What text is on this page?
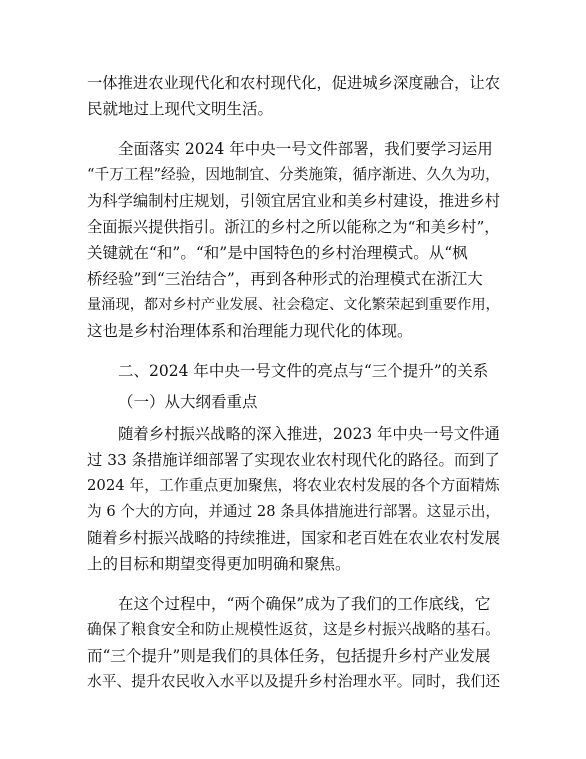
一体推进农业现代化和农村现代化，促进城乡深度融合，让农
民就地过上现代文明生活。
全面落实 2024 年中央一号文件部署，我们要学习运用
“千万工程”经验，因地制宜、分类施策，循序渐进、久久为功，
为科学编制村庄规划，引领宜居宜业和美乡村建设，推进乡村
全面振兴提供指引。浙江的乡村之所以能称之为“和美乡村”，
关键就在“和”。“和”是中国特色的乡村治理模式。从“枫
桥经验”到“三治结合”，再到各种形式的治理模式在浙江大
量涌现，都对乡村产业发展、社会稳定、文化繁荣起到重要作用，
这也是乡村治理体系和治理能力现代化的体现。
二、2024 年中央一号文件的亮点与“三个提升”的关系
（一）从大纲看重点
随着乡村振兴战略的深入推进，2023 年中央一号文件通
过 33 条措施详细部署了实现农业农村现代化的路径。而到了
2024 年，工作重点更加聚焦，将农业农村发展的各个方面精炼
为 6 个大的方向，并通过 28 条具体措施进行部署。这显示出，
随着乡村振兴战略的持续推进，国家和老百姓在农业农村发展
上的目标和期望变得更加明确和聚焦。
在这个过程中，“两个确保”成为了我们的工作底线，它
确保了粮食安全和防止规模性返贫，这是乡村振兴战略的基石。
而“三个提升”则是我们的具体任务，包括提升乡村产业发展
水平、提升农民收入水平以及提升乡村治理水平。同时，我们还
